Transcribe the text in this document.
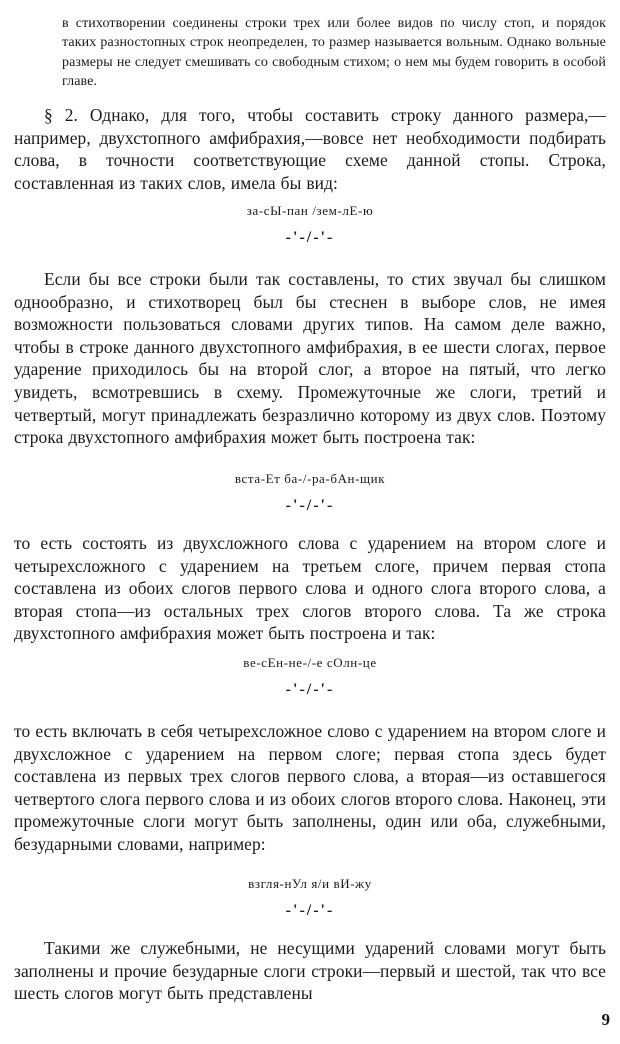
в стихотворении соединены строки трех или более видов по числу стоп, и порядок таких разностопных строк неопределен, то размер называется вольным. Однако вольные размеры не следует смешивать со свободным стихом; о нем мы будем говорить в особой главе.

§ 2. Однако, для того, чтобы составить строку данного размера,—например, двухстопного амфибрахия,—вовсе нет необходимости подбирать слова, в точности соответствующие схеме данной стопы. Строка, составленная из таких слов, имела бы вид:

за-сЫ-пан /зем-лЕ-ю

-'-/-'-

Если бы все строки были так составлены, то стих звучал бы слишком однообразно, и стихотворец был бы стеснен в выборе слов, не имея возможности пользоваться словами других типов. На самом деле важно, чтобы в строке данного двухстопного амфибрахия, в ее шести слогах, первое ударение приходилось бы на второй слог, а второе на пятый, что легко увидеть, всмотревшись в схему. Промежуточные же слоги, третий и четвертый, могут принадлежать безразлично которому из двух слов. Поэтому строка двухстопного амфибрахия может быть построена так:

вста-Ет ба-/-ра-бАн-щик

-'-/-'-

то есть состоять из двухсложного слова с ударением на втором слоге и четырехсложного с ударением на третьем слоге, причем первая стопа составлена из обоих слогов первого слова и одного слога второго слова, а вторая стопа—из остальных трех слогов второго слова. Та же строка двухстопного амфибрахия может быть построена и так:

ве-сЕн-не-/-е сОлн-це

-'-/-'-

то есть включать в себя четырехсложное слово с ударением на втором слоге и двухсложное с ударением на первом слоге; первая стопа здесь будет составлена из первых трех слогов первого слова, а вторая—из оставшегося четвертого слога первого слова и из обоих слогов второго слова. Наконец, эти промежуточные слоги могут быть заполнены, один или оба, служебными, безударными словами, например:

взгля-нУл я/и вИ-жу

-'-/-'-

Такими же служебными, не несущими ударений словами могут быть заполнены и прочие безударные слоги строки—первый и шестой, так что все шесть слогов могут быть представлены

9
